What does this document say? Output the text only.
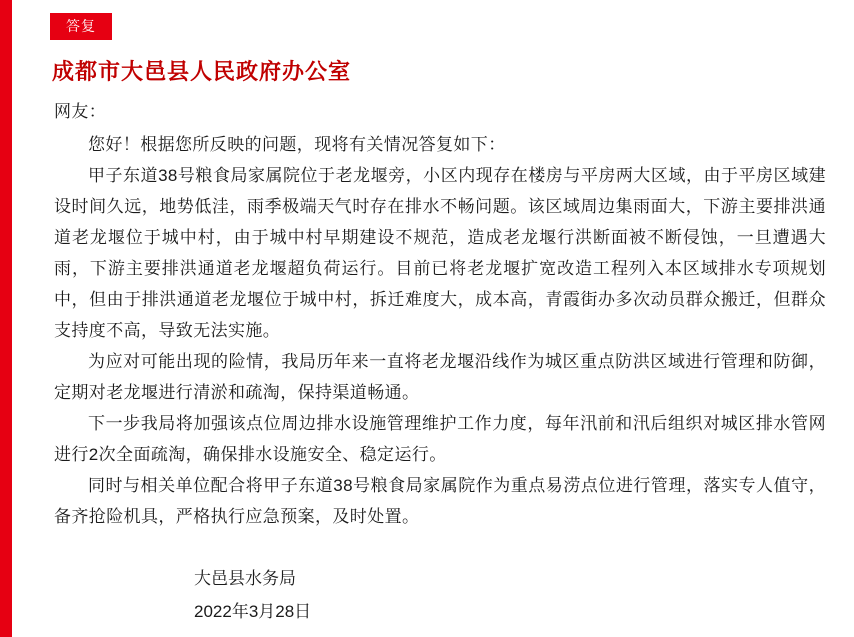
答复
成都市大邑县人民政府办公室

网友：

您好！根据您所反映的问题，现将有关情况答复如下：

甲子东道38号粮食局家属院位于老龙堰旁，小区内现存在楼房与平房两大区域，由于平房区域建设时间久远，地势低洼，雨季极端天气时存在排水不畅问题。该区域周边集雨面大，下游主要排洪通道老龙堰位于城中村，由于城中村早期建设不规范，造成老龙堰行洪断面被不断侵蚀，一旦遭遇大雨，下游主要排洪通道老龙堰超负荷运行。目前已将老龙堰扩宽改造工程列入本区域排水专项规划中，但由于排洪通道老龙堰位于城中村，拆迁难度大，成本高，青霞街办多次动员群众搬迁，但群众支持度不高，导致无法实施。

为应对可能出现的险情，我局历年来一直将老龙堰沿线作为城区重点防洪区域进行管理和防御，定期对老龙堰进行清淤和疏淘，保持渠道畅通。

下一步我局将加强该点位周边排水设施管理维护工作力度，每年汛前和汛后组织对城区排水管网进行2次全面疏淘，确保排水设施安全、稳定运行。

同时与相关单位配合将甲子东道38号粮食局家属院作为重点易涝点位进行管理，落实专人值守，备齐抢险机具，严格执行应急预案，及时处置。

大邑县水务局

2022年3月28日
